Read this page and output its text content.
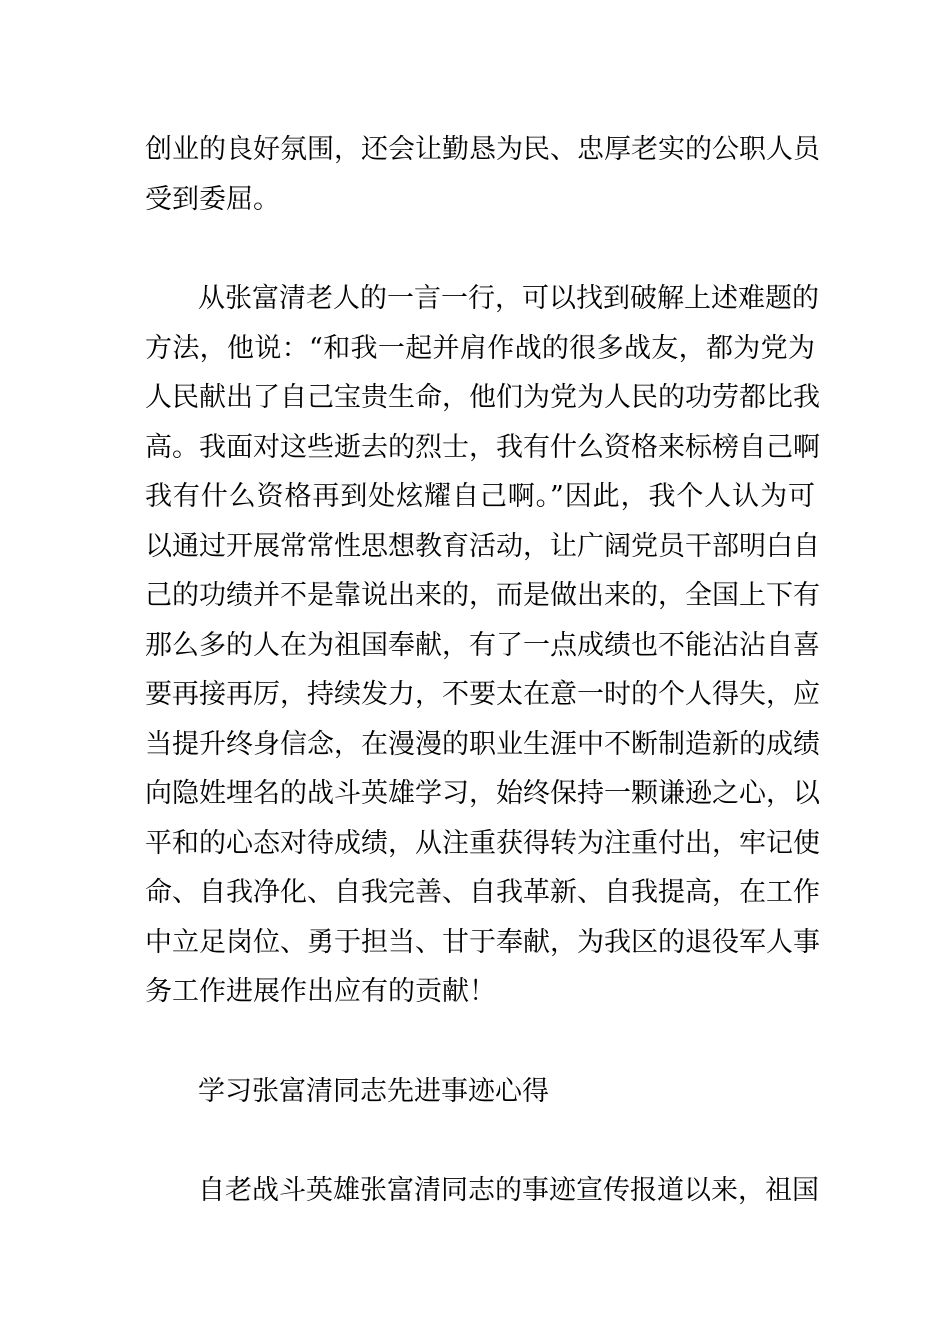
创业的良好氛围，还会让勤恳为民、忠厚老实的公职人员
受到委屈。
从张富清老人的一言一行，可以找到破解上述难题的
方法，他说：“和我一起并肩作战的很多战友，都为党为
人民献出了自己宝贵生命，他们为党为人民的功劳都比我
高。我面对这些逝去的烈士，我有什么资格来标榜自己啊
我有什么资格再到处炫耀自己啊。”因此，我个人认为可
以通过开展常常性思想教育活动，让广阔党员干部明白自
己的功绩并不是靠说出来的，而是做出来的，全国上下有
那么多的人在为祖国奉献，有了一点成绩也不能沾沾自喜
要再接再厉，持续发力，不要太在意一时的个人得失，应
当提升终身信念，在漫漫的职业生涯中不断制造新的成绩
向隐姓埋名的战斗英雄学习，始终保持一颗谦逊之心，以
平和的心态对待成绩，从注重获得转为注重付出，牢记使
命、自我净化、自我完善、自我革新、自我提高，在工作
中立足岗位、勇于担当、甘于奉献，为我区的退役军人事
务工作进展作出应有的贡献！
学习张富清同志先进事迹心得
自老战斗英雄张富清同志的事迹宣传报道以来，祖国
